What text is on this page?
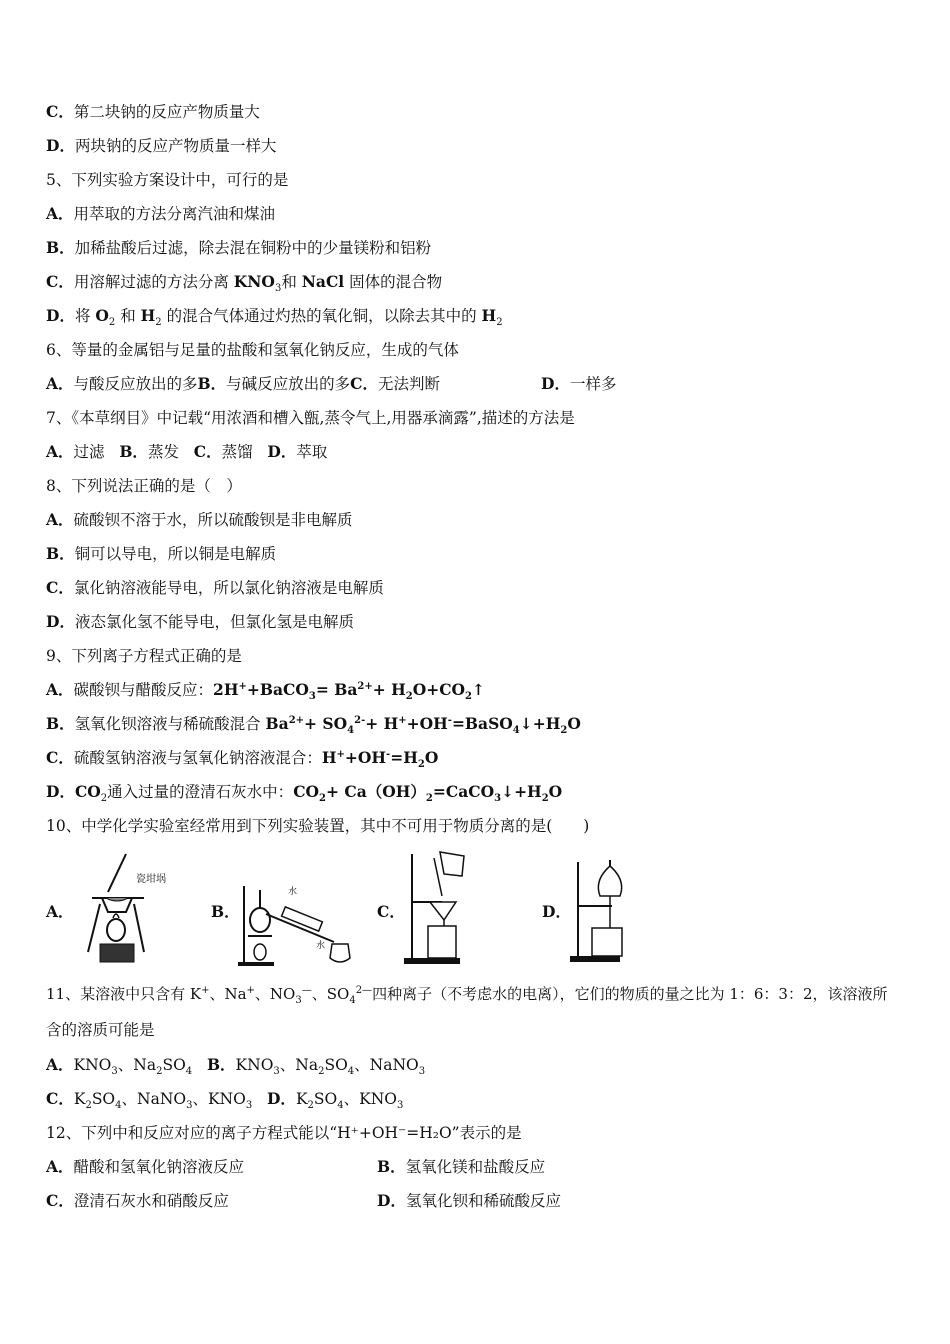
C．第二块钠的反应产物质量大
D．两块钠的反应产物质量一样大
5、下列实验方案设计中，可行的是
A．用萃取的方法分离汽油和煤油
B．加稀盐酸后过滤，除去混在铜粉中的少量镁粉和铝粉
C．用溶解过滤的方法分离 $KNO_3$和 NaCl 固体的混合物
D．将 $O_2$ 和 $H_2$ 的混合气体通过灼热的氧化铜，以除去其中的 $H_2$
6、等量的金属铝与足量的盐酸和氢氧化钠反应，生成的气体
A．与酸反应放出的多B．与碱反应放出的多C．无法判断	D．一样多
7、《本草纲目》中记载“用浓酒和槽入甑,蒸令气上,用器承滴露”,描述的方法是
A．过滤 B．蒸发 C．蒸馏 D．萃取
8、下列说法正确的是（　）
A．硫酸钡不溶于水，所以硫酸钡是非电解质
B．铜可以导电，所以铜是电解质
C．氯化钠溶液能导电，所以氯化钠溶液是电解质
D．液态氯化氢不能导电，但氯化氢是电解质
9、下列离子方程式正确的是
A．碳酸钡与醋酸反应：2H++BaCO$_3$= $Ba^{2+}+$ $H_2O+CO_2↑$
B．氢氧化钡溶液与稀硫酸混合 $Ba^{2+}+ SO_4^{2-}+$ $H^++OH^-=BaSO_4↓+H_2O$
C．硫酸氢钠溶液与氢氧化钠溶液混合：$H^++OH^-=H_2O$
D．$CO_2$通入过量的澄清石灰水中：$CO_2+$ $Ca(OH)_2=CaCO_3↓+H_2O$
10、中学化学实验室经常用到下列实验装置，其中不可用于物质分离的是(　　)
A．
瓷坩埚
B．
水
水
C．	D．
11、某溶液中只含有 K+、Na+、$NO_3^—$、$SO_4^{2—}$四种离子（不考虑水的电离），它们的物质的量之比为 1：6：3：2，该溶液所
含的溶质可能是
A．$KNO_3$、$Na_2SO_4$ B．$KNO_3$、$Na_2SO_4$、NaNO$_3$
C．$K_2SO_4$、NaNO$_3$、$KNO_3$ D．$K_2SO_4$、$KNO_3$
12、下列中和反应对应的离子方程式能以“H⁺+OH⁻=H₂O”表示的是
A．醋酸和氢氧化钠溶液反应	B．氢氧化镁和盐酸反应
C．澄清石灰水和硝酸反应	D．氢氧化钡和稀硫酸反应
